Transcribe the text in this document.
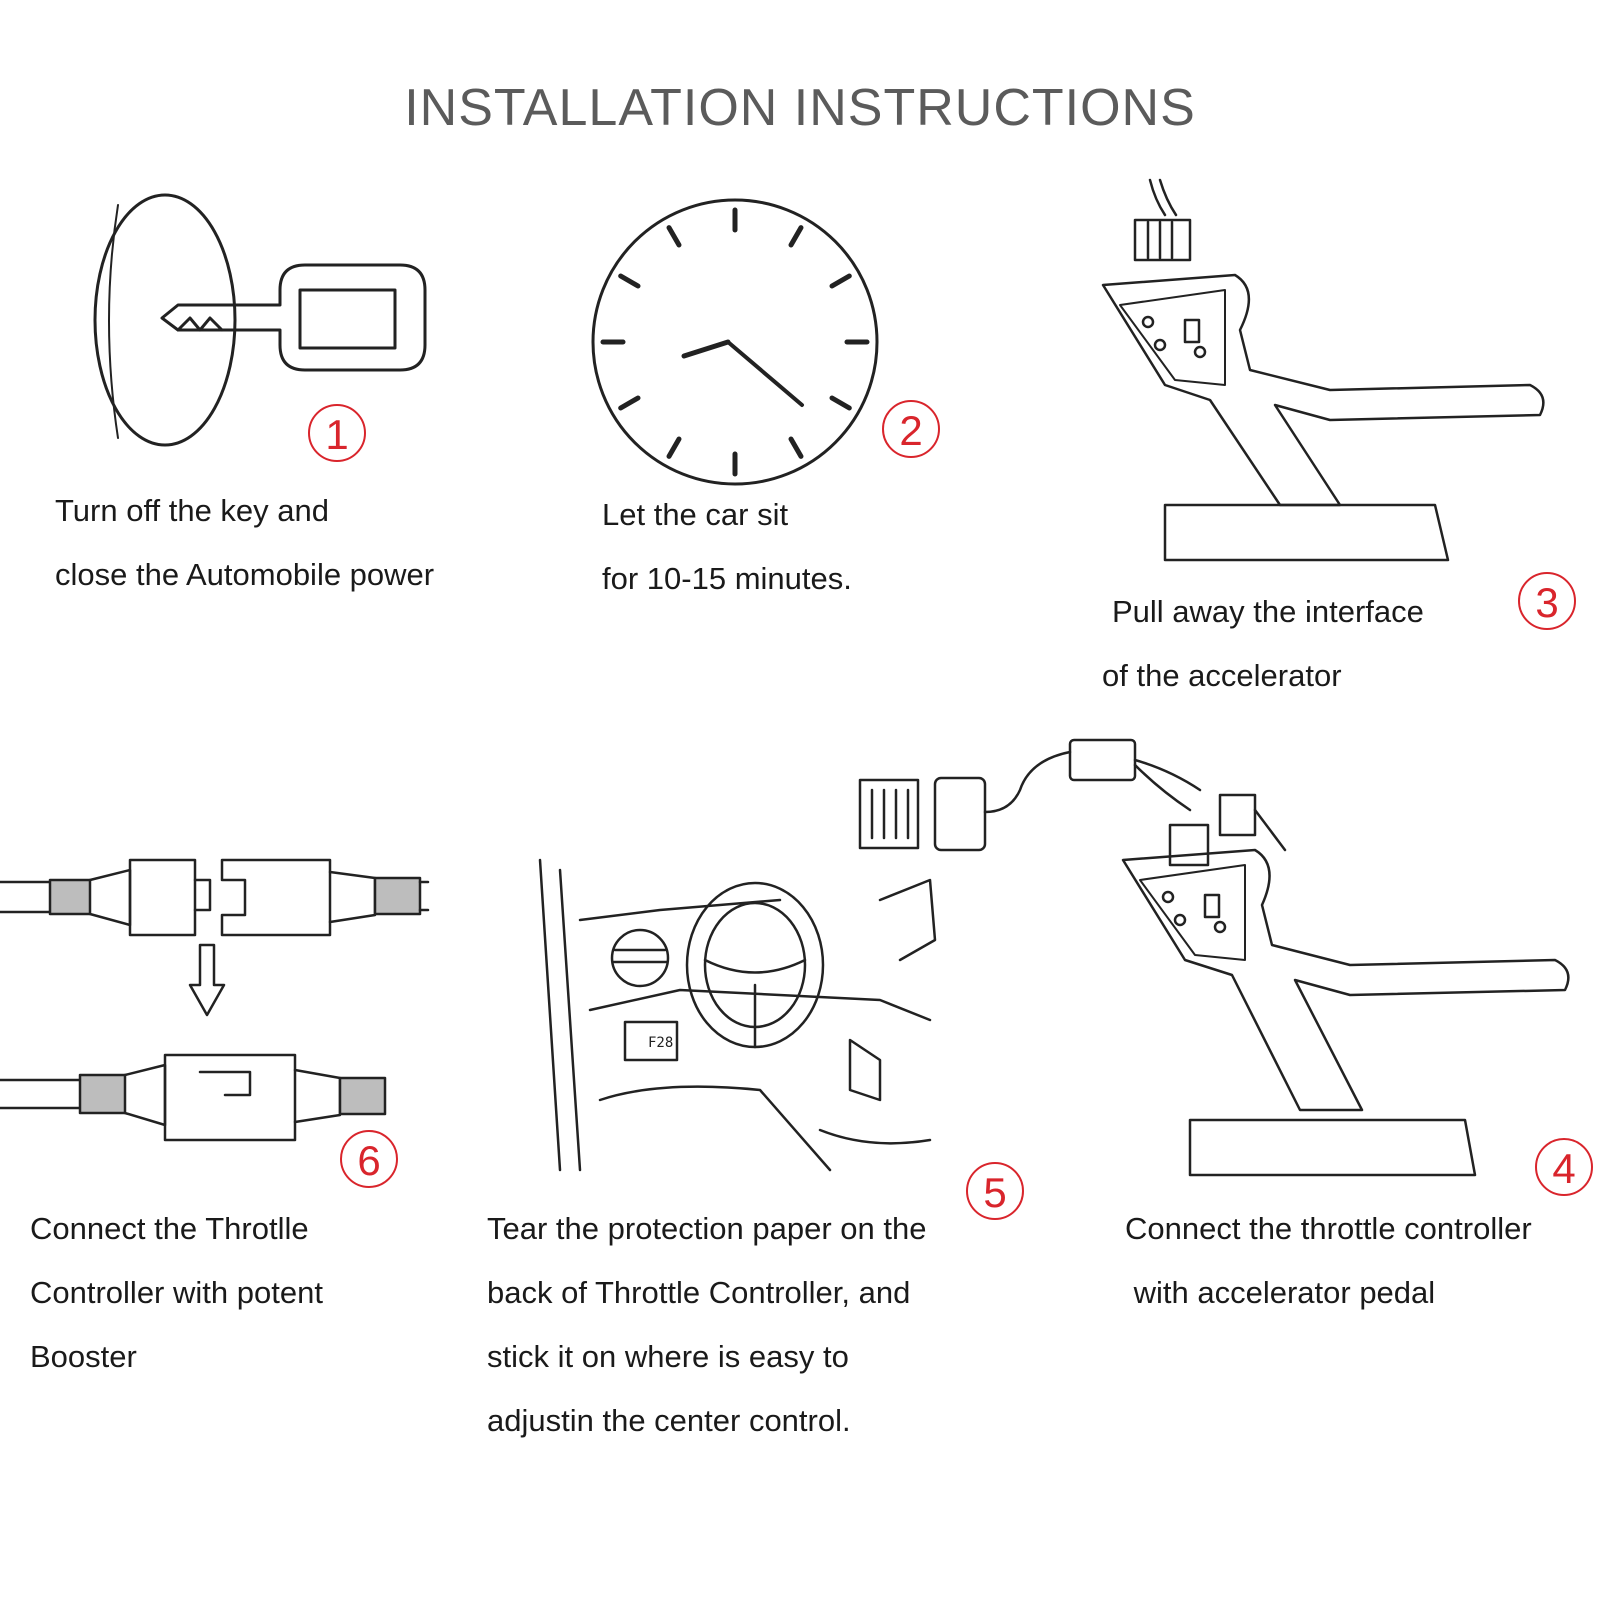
INSTALLATION INSTRUCTIONS
F28
Turn off the key and
close the Automobile power
Let the car sit
for 10-15 minutes.
Pull away the interface
of the accelerator
Connect the throttle controller
with accelerator pedal
Tear the protection paper on the
back of Throttle Controller, and
stick it on where is easy to
adjustin the center control.
Connect the Throtlle
Controller with potent
Booster
1	2
3
4
5
6
